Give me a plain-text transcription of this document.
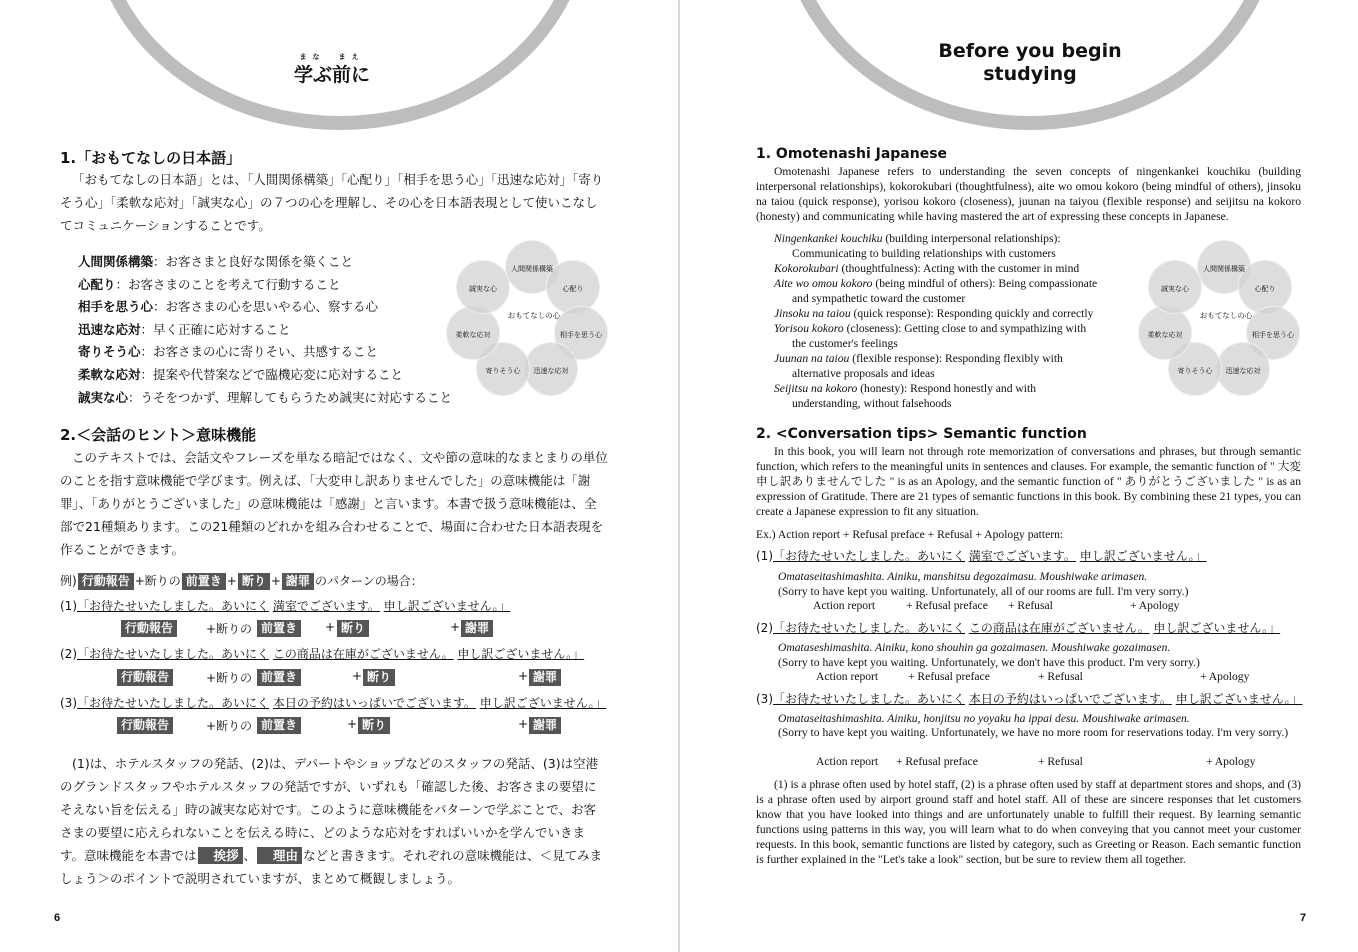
まな　まえ
学ぶ前に
1.「おもてなしの日本語」
「おもてなしの日本語」とは、「人間関係構築」「心配り」「相手を思う心」「迅速な応対」「寄りそう心」「柔軟な応対」「誠実な心」の７つの心を理解し、その心を日本語表現として使いこなしてコミュニケーションすることです。
人間関係構築：お客さまと良好な関係を築くこと
心配り：お客さまのことを考えて行動すること
相手を思う心：お客さまの心を思いやる心、察する心
迅速な応対：早く正確に応対すること
寄りそう心：お客さまの心に寄りそい、共感すること
柔軟な応対：提案や代替案などで臨機応変に応対すること
誠実な心：うそをつかず、理解してもらうため誠実に対応すること
人間関係構築
心配り
相手を思う心
迅速な応対
寄りそう心
柔軟な応対
誠実な心
おもてなしの心
2.＜会話のヒント＞意味機能
このテキストでは、会話文やフレーズを単なる暗記ではなく、文や節の意味的なまとまりの単位のことを指す意味機能で学びます。例えば、「大変申し訳ありませんでした」の意味機能は「謝罪」、「ありがとうございました」の意味機能は「感謝」と言います。本書で扱う意味機能は、全部で21種類あります。この21種類のどれかを組み合わせることで、場面に合わせた日本語表現を作ることができます。
例) 行動報告 +断りの 前置き + 断り + 謝罪 のパターンの場合：
(1)「お待たせいたしました。あいにく 満室でございます。 申し訳ございません。」
行動報告	+断りの 前置き	+ 断り	+ 謝罪
(2)「お待たせいたしました。あいにく この商品は在庫がございません。 申し訳ございません。」
行動報告	+断りの 前置き	+ 断り	+ 謝罪
(3)「お待たせいたしました。あいにく 本日の予約はいっぱいでございます。 申し訳ございません。」
行動報告	+断りの 前置き	+ 断り	+ 謝罪
(1)は、ホテルスタッフの発話、(2)は、デパートやショップなどのスタッフの発話、(3)は空港のグランドスタッフやホテルスタッフの発話ですが、いずれも「確認した後、お客さまの要望にそえない旨を伝える」時の誠実な応対です。このように意味機能をパターンで学ぶことで、お客さまの要望に応えられないことを伝える時に、どのような応対をすればいいかを学んでいきます。意味機能を本書では 挨拶 、 理由 などと書きます。それぞれの意味機能は、＜見てみましょう＞のポイントで説明されていますが、まとめて概観しましょう。
6
Before you begin
studying
1. Omotenashi Japanese

Omotenashi Japanese refers to understanding the seven concepts of ningenkankei kouchiku (building interpersonal relationships), kokorokubari (thoughtfulness), aite wo omou kokoro (being mindful of others), jinsoku na taiou (quick response), yorisou kokoro (closeness), juunan na taiyou (flexible response) and seijitsu na kokoro (honesty) and communicating while having mastered the art of expressing these concepts in Japanese.

Ningenkankei kouchiku (building interpersonal relationships):
Communicating to building relationships with customers
Kokorokubari (thoughtfulness): Acting with the customer in mind
Aite wo omou kokoro (being mindful of others): Being compassionate
and sympathetic toward the customer
Jinsoku na taiou (quick response): Responding quickly and correctly
Yorisou kokoro (closeness): Getting close to and sympathizing with
the customer's feelings
Juunan na taiou (flexible response): Responding flexibly with
alternative proposals and ideas
Seijitsu na kokoro (honesty): Respond honestly and with
understanding, without falsehoods
人間関係構築
心配り
相手を思う心
迅速な応対
寄りそう心
柔軟な応対
誠実な心
おもてなしの心
2. <Conversation tips> Semantic function

In this book, you will learn not through rote memorization of conversations and phrases, but through semantic function, which refers to the meaningful units in sentences and clauses. For example, the semantic function of " 大変申し訳ありませんでした " is as an Apology, and the semantic function of " ありがとうございました " is as an expression of Gratitude. There are 21 types of semantic functions in this book. By combining these 21 types, you can create a Japanese expression to fit any situation.

Ex.) Action report + Refusal preface + Refusal + Apology pattern:
(1)「お待たせいたしました。あいにく 満室でございます。 申し訳ございません。」
Omataseitashimashita. Ainiku, manshitsu degozaimasu. Moushiwake arimasen.
(Sorry to have kept you waiting. Unfortunately, all of our rooms are full. I'm very sorry.)
Action report	+ Refusal preface + Refusal	+ Apology
(2)「お待たせいたしました。あいにく この商品は在庫がございません。 申し訳ございません。」
Omataseshimashita. Ainiku, kono shouhin ga gozaimasen. Moushiwake gozaimasen.
(Sorry to have kept you waiting. Unfortunately, we don't have this product. I'm very sorry.)
Action report	+ Refusal preface	+ Refusal	+ Apology
(3)「お待たせいたしました。あいにく 本日の予約はいっぱいでございます。 申し訳ございません。」
Omataseitashimashita. Ainiku, honjitsu no yoyaku ha ippai desu. Moushiwake arimasen.
(Sorry to have kept you waiting. Unfortunately, we have no more room for reservations today. I'm very sorry.)
Action report + Refusal preface	+ Refusal	+ Apology

(1) is a phrase often used by hotel staff, (2) is a phrase often used by staff at department stores and shops, and (3) is a phrase often used by airport ground staff and hotel staff. All of these are sincere responses that let customers know that you have looked into things and are unfortunately unable to fulfill their request. By learning semantic functions using patterns in this way, you will learn what to do when conveying that you cannot meet your customer requests. In this book, semantic functions are listed by category, such as Greeting or Reason. Each semantic function is further explained in the "Let's take a look" section, but be sure to review them all together.

7
